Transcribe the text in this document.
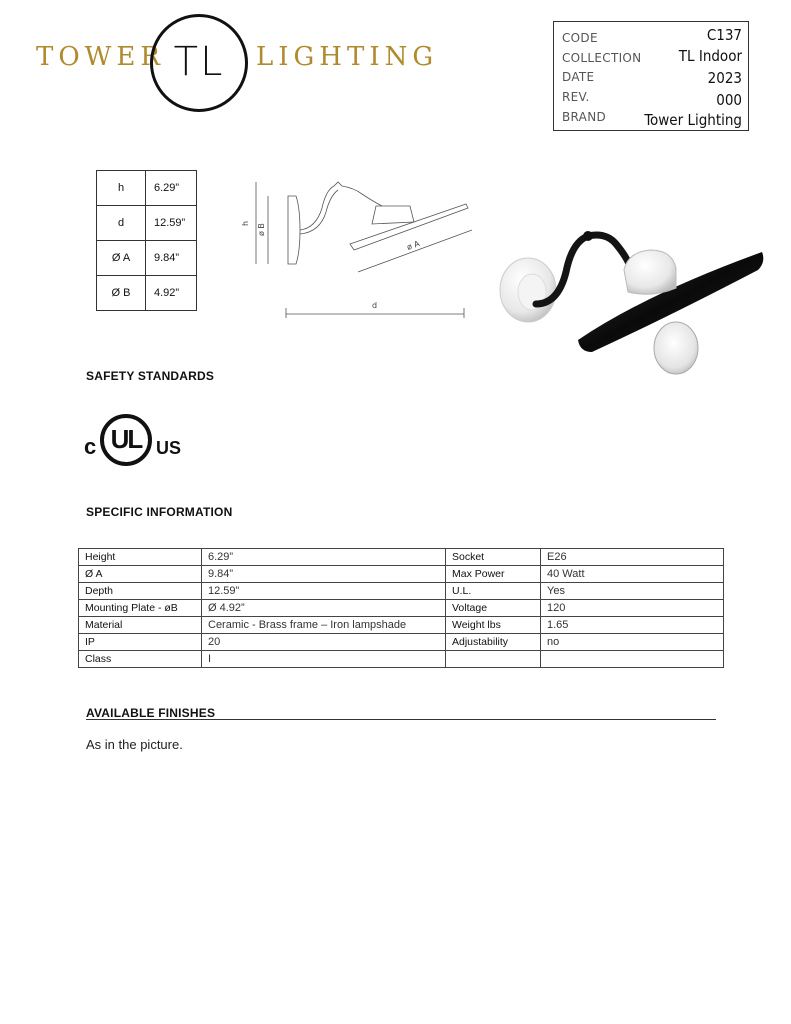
TOWER TL	LIGHTING
CODE	C137
COLLECTION TL Indoor
DATE	2023
REV.	000
BRAND	Tower Lighting
h	6.29”
d	12.59”
Ø A	9.84”
Ø B	4.92”
h ø B
ø A
d
SAFETY STANDARDS
c UL US
SPECIFIC INFORMATION
Height	6.29”	Socket	E26
Ø A	9.84”	Max Power	40 Watt
Depth	12.59”	U.L.	Yes
Mounting Plate - øB	Ø 4.92”	Voltage	120
Material	Ceramic - Brass frame – Iron lampshade	Weight lbs	1.65
IP	20	Adjustability	no
Class	I		
AVAILABLE FINISHES
As in the picture.
